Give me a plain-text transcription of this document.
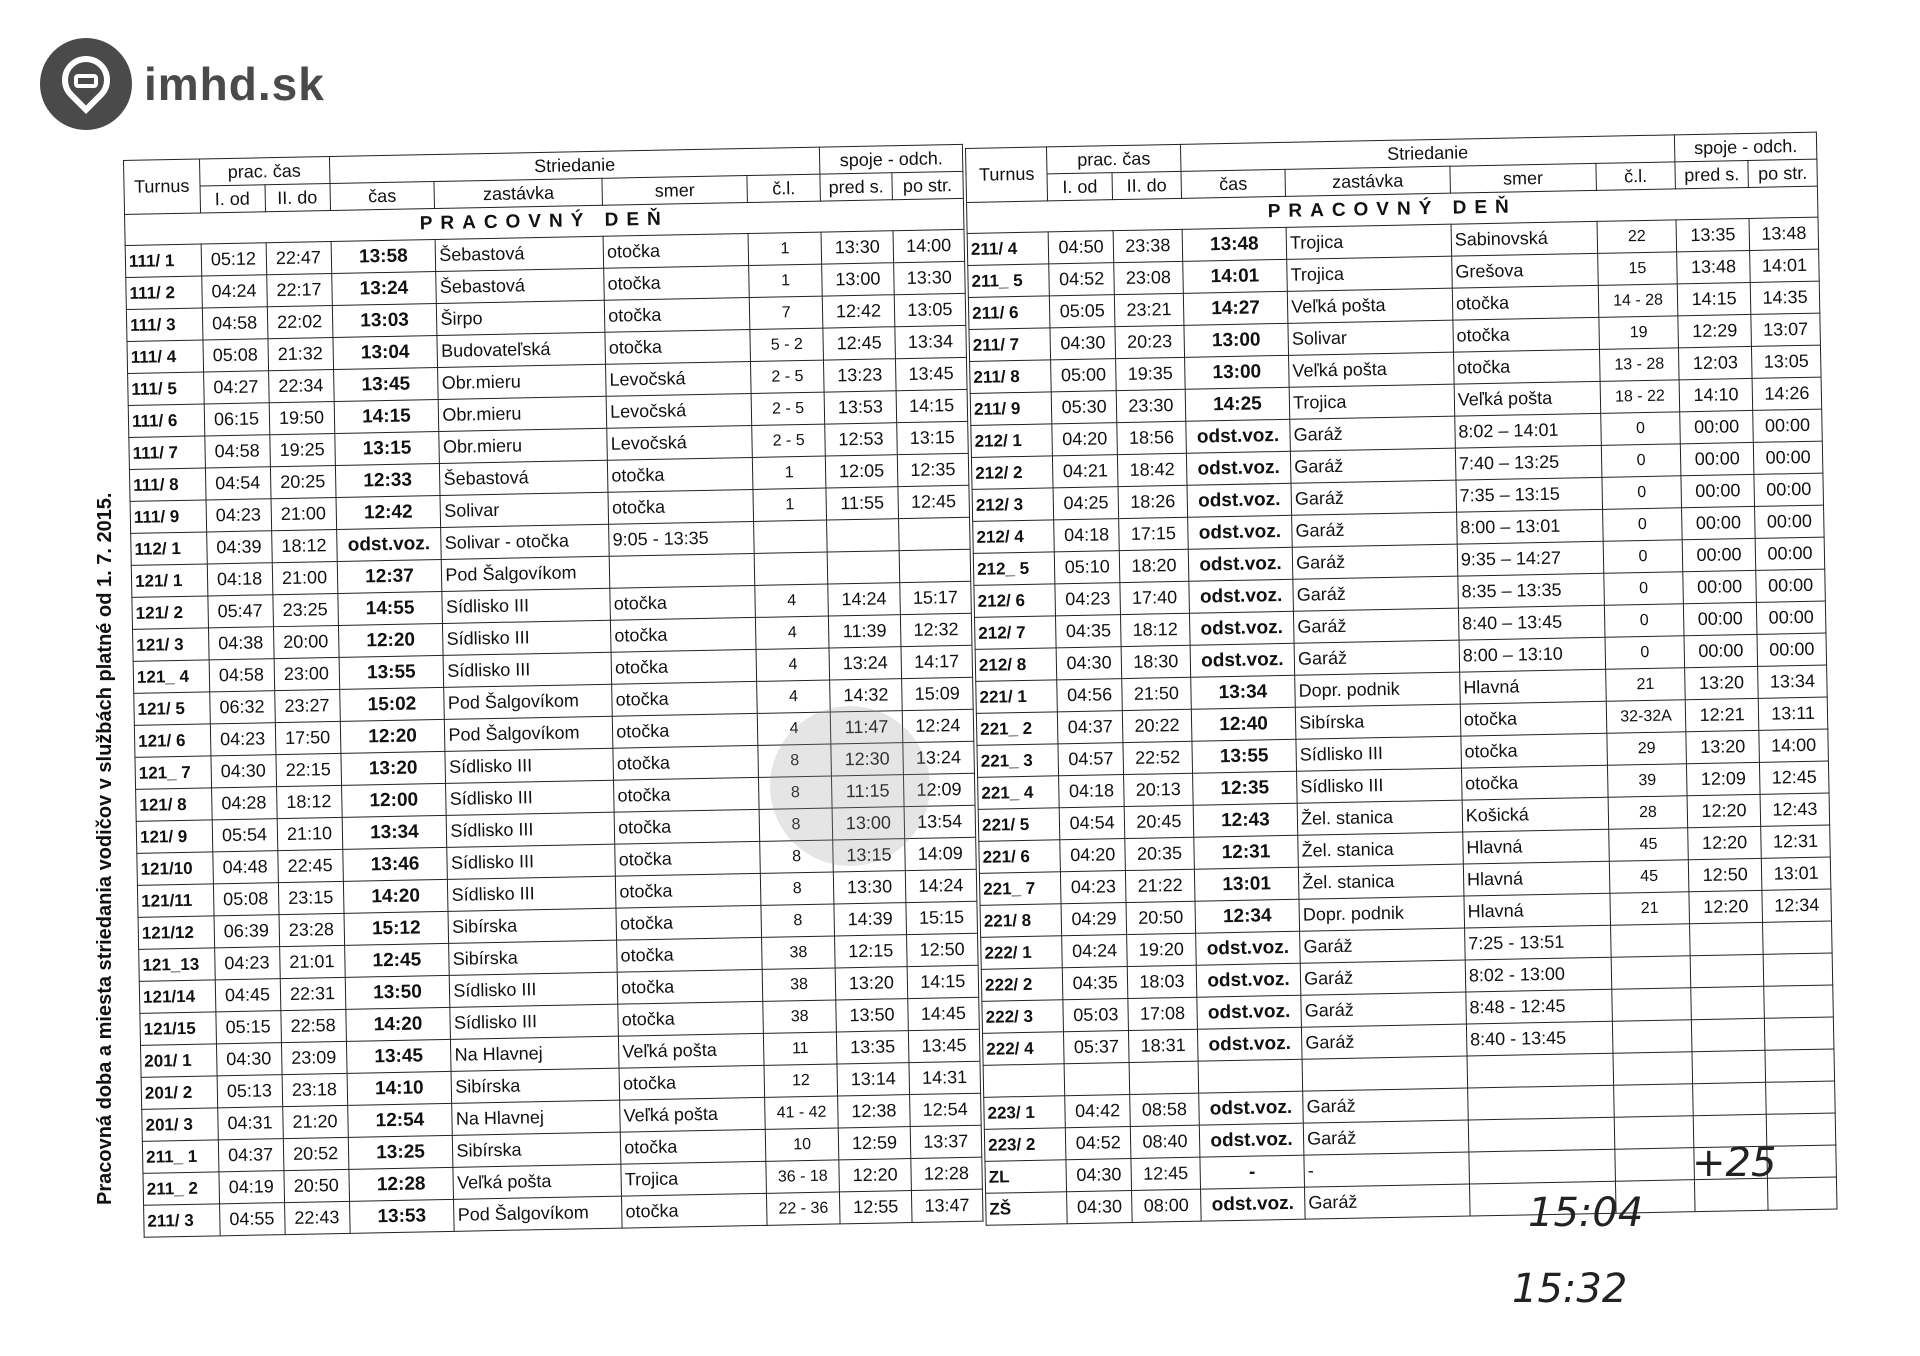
imhd.sk
Pracovná doba a miesta striedania vodičov v službách platné od 1. 7. 2015.
Turnus	prac. čas		Striedanie				spoje - odch.	
	I. od	II. do	čas	zastávka	smer	č.l.	pred s.	po str.
PRACOVNÝ DEŇ								
111/ 1	05:12	22:47	13:58	Šebastová	otočka	1	13:30	14:00
111/ 2	04:24	22:17	13:24	Šebastová	otočka	1	13:00	13:30
111/ 3	04:58	22:02	13:03	Širpo	otočka	7	12:42	13:05
111/ 4	05:08	21:32	13:04	Budovateľská	otočka	5 - 2	12:45	13:34
111/ 5	04:27	22:34	13:45	Obr.mieru	Levočská	2 - 5	13:23	13:45
111/ 6	06:15	19:50	14:15	Obr.mieru	Levočská	2 - 5	13:53	14:15
111/ 7	04:58	19:25	13:15	Obr.mieru	Levočská	2 - 5	12:53	13:15
111/ 8	04:54	20:25	12:33	Šebastová	otočka	1	12:05	12:35
111/ 9	04:23	21:00	12:42	Solivar	otočka	1	11:55	12:45
112/ 1	04:39	18:12	odst.voz.	Solivar - otočka	9:05 - 13:35			
121/ 1	04:18	21:00	12:37	Pod Šalgovíkom				
121/ 2	05:47	23:25	14:55	Sídlisko III	otočka	4	14:24	15:17
121/ 3	04:38	20:00	12:20	Sídlisko III	otočka	4	11:39	12:32
121_ 4	04:58	23:00	13:55	Sídlisko III	otočka	4	13:24	14:17
121/ 5	06:32	23:27	15:02	Pod Šalgovíkom	otočka	4	14:32	15:09
121/ 6	04:23	17:50	12:20	Pod Šalgovíkom	otočka	4	11:47	12:24
121_ 7	04:30	22:15	13:20	Sídlisko III	otočka	8	12:30	13:24
121/ 8	04:28	18:12	12:00	Sídlisko III	otočka	8	11:15	12:09
121/ 9	05:54	21:10	13:34	Sídlisko III	otočka	8	13:00	13:54
121/10	04:48	22:45	13:46	Sídlisko III	otočka	8	13:15	14:09
121/11	05:08	23:15	14:20	Sídlisko III	otočka	8	13:30	14:24
121/12	06:39	23:28	15:12	Sibírska	otočka	8	14:39	15:15
121_13	04:23	21:01	12:45	Sibírska	otočka	38	12:15	12:50
121/14	04:45	22:31	13:50	Sídlisko III	otočka	38	13:20	14:15
121/15	05:15	22:58	14:20	Sídlisko III	otočka	38	13:50	14:45
201/ 1	04:30	23:09	13:45	Na Hlavnej	Veľká pošta	11	13:35	13:45
201/ 2	05:13	23:18	14:10	Sibírska	otočka	12	13:14	14:31
201/ 3	04:31	21:20	12:54	Na Hlavnej	Veľká pošta	41 - 42	12:38	12:54
211_ 1	04:37	20:52	13:25	Sibírska	otočka	10	12:59	13:37
211_ 2	04:19	20:50	12:28	Veľká pošta	Trojica	36 - 18	12:20	12:28
211/ 3	04:55	22:43	13:53	Pod Šalgovíkom	otočka	22 - 36	12:55	13:47
Turnus	prac. čas		Striedanie				spoje - odch.	
	I. od	II. do	čas	zastávka	smer	č.l.	pred s.	po str.
PRACOVNÝ DEŇ								
211/ 4	04:50	23:38	13:48	Trojica	Sabinovská	22	13:35	13:48
211_ 5	04:52	23:08	14:01	Trojica	Grešova	15	13:48	14:01
211/ 6	05:05	23:21	14:27	Veľká pošta	otočka	14 - 28	14:15	14:35
211/ 7	04:30	20:23	13:00	Solivar	otočka	19	12:29	13:07
211/ 8	05:00	19:35	13:00	Veľká pošta	otočka	13 - 28	12:03	13:05
211/ 9	05:30	23:30	14:25	Trojica	Veľká pošta	18 - 22	14:10	14:26
212/ 1	04:20	18:56	odst.voz.	Garáž	8:02 – 14:01	0	00:00	00:00
212/ 2	04:21	18:42	odst.voz.	Garáž	7:40 – 13:25	0	00:00	00:00
212/ 3	04:25	18:26	odst.voz.	Garáž	7:35 – 13:15	0	00:00	00:00
212/ 4	04:18	17:15	odst.voz.	Garáž	8:00 – 13:01	0	00:00	00:00
212_ 5	05:10	18:20	odst.voz.	Garáž	9:35 – 14:27	0	00:00	00:00
212/ 6	04:23	17:40	odst.voz.	Garáž	8:35 – 13:35	0	00:00	00:00
212/ 7	04:35	18:12	odst.voz.	Garáž	8:40 – 13:45	0	00:00	00:00
212/ 8	04:30	18:30	odst.voz.	Garáž	8:00 – 13:10	0	00:00	00:00
221/ 1	04:56	21:50	13:34	Dopr. podnik	Hlavná	21	13:20	13:34
221_ 2	04:37	20:22	12:40	Sibírska	otočka	32-32A	12:21	13:11
221_ 3	04:57	22:52	13:55	Sídlisko III	otočka	29	13:20	14:00
221_ 4	04:18	20:13	12:35	Sídlisko III	otočka	39	12:09	12:45
221/ 5	04:54	20:45	12:43	Žel. stanica	Košická	28	12:20	12:43
221/ 6	04:20	20:35	12:31	Žel. stanica	Hlavná	45	12:20	12:31
221_ 7	04:23	21:22	13:01	Žel. stanica	Hlavná	45	12:50	13:01
221/ 8	04:29	20:50	12:34	Dopr. podnik	Hlavná	21	12:20	12:34
222/ 1	04:24	19:20	odst.voz.	Garáž	7:25 - 13:51			
222/ 2	04:35	18:03	odst.voz.	Garáž	8:02 - 13:00			
222/ 3	05:03	17:08	odst.voz.	Garáž	8:48 - 12:45			
222/ 4	05:37	18:31	odst.voz.	Garáž	8:40 - 13:45			

223/ 1	04:42	08:58	odst.voz.	Garáž				
223/ 2	04:52	08:40	odst.voz.	Garáž				
ZL	04:30	12:45	-	-				
ZŠ	04:30	08:00	odst.voz.	Garáž					15:04
+25
15:32
